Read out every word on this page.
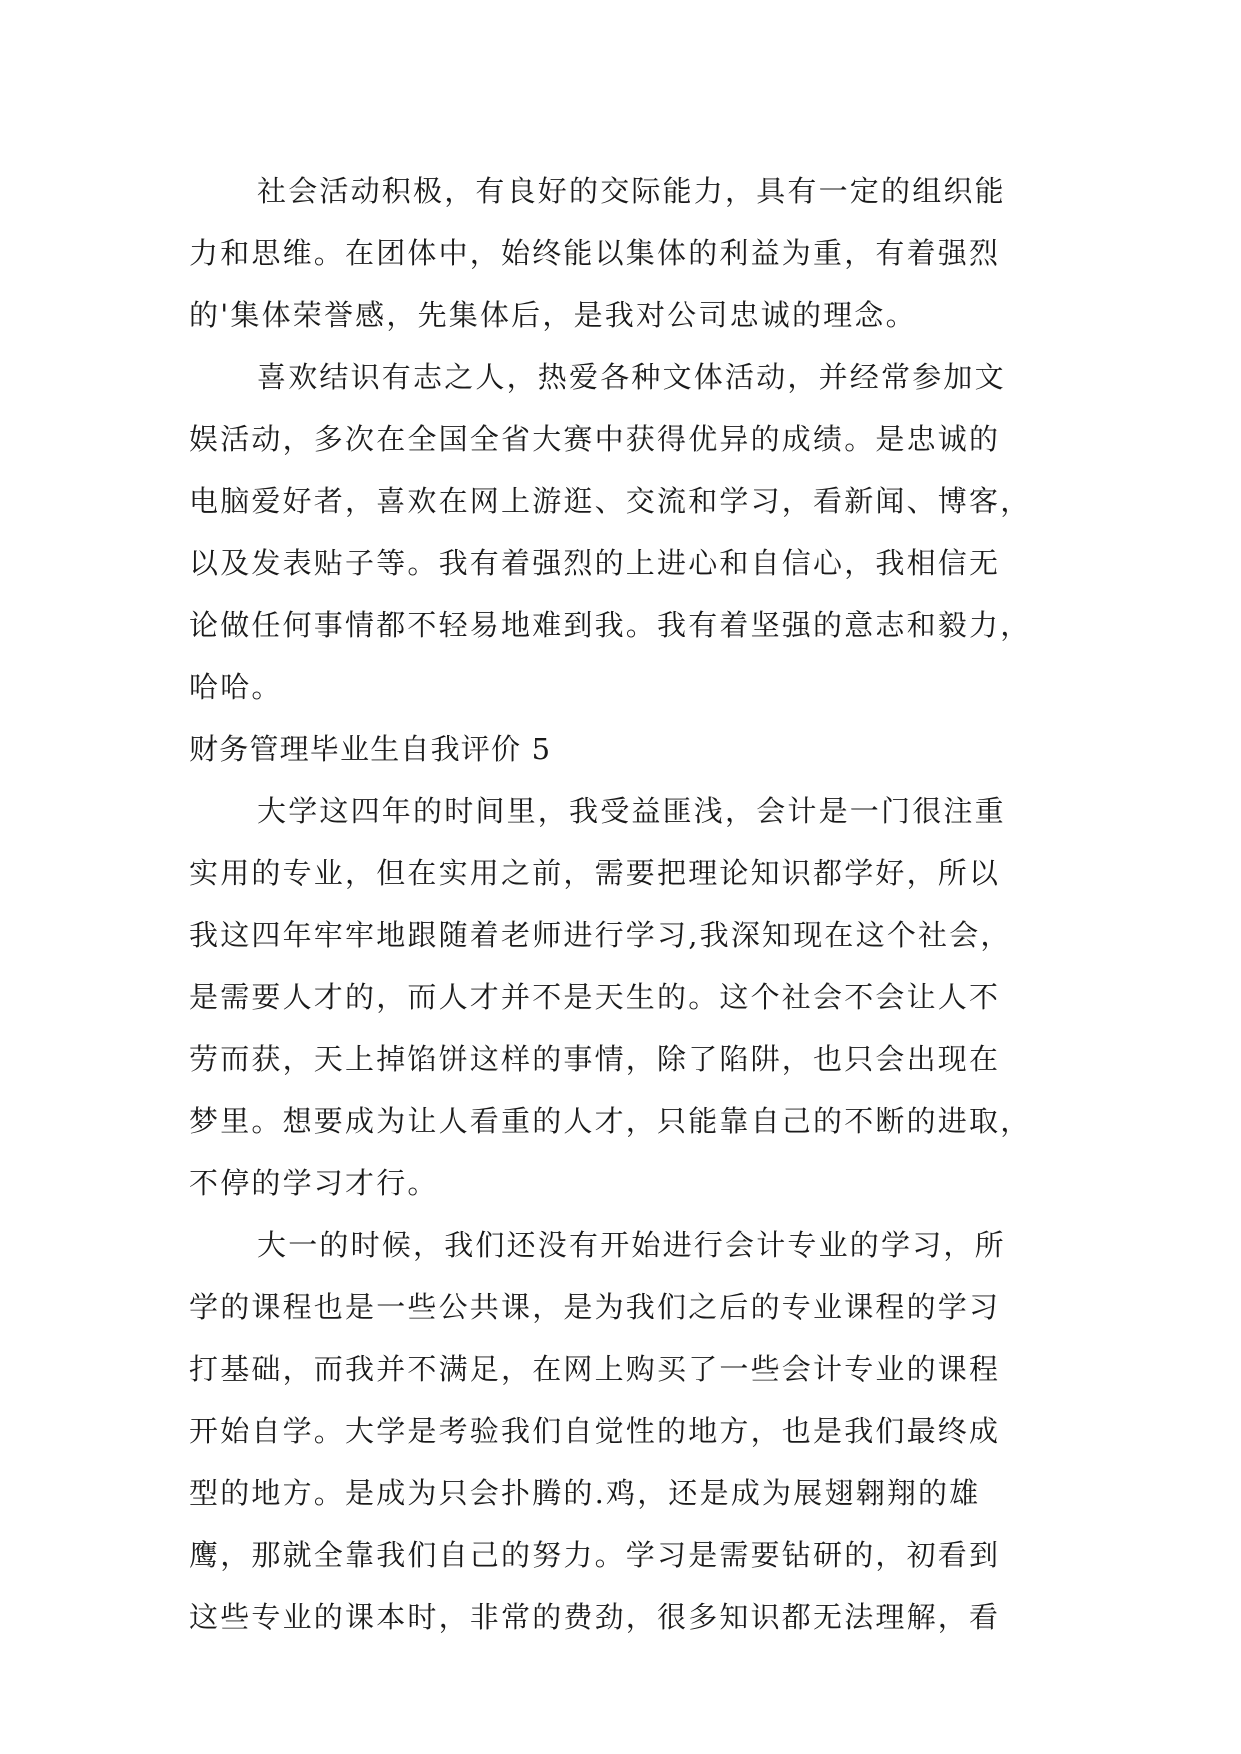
社会活动积极，有良好的交际能力，具有一定的组织能
力和思维。在团体中，始终能以集体的利益为重，有着强烈
的'集体荣誉感，先集体后，是我对公司忠诚的理念。
喜欢结识有志之人，热爱各种文体活动，并经常参加文
娱活动，多次在全国全省大赛中获得优异的成绩。是忠诚的
电脑爱好者，喜欢在网上游逛、交流和学习，看新闻、博客，
以及发表贴子等。我有着强烈的上进心和自信心，我相信无
论做任何事情都不轻易地难到我。我有着坚强的意志和毅力，
哈哈。
财务管理毕业生自我评价 5
大学这四年的时间里，我受益匪浅，会计是一门很注重
实用的专业，但在实用之前，需要把理论知识都学好，所以
我这四年牢牢地跟随着老师进行学习,我深知现在这个社会，
是需要人才的，而人才并不是天生的。这个社会不会让人不
劳而获，天上掉馅饼这样的事情，除了陷阱，也只会出现在
梦里。想要成为让人看重的人才，只能靠自己的不断的进取，
不停的学习才行。
大一的时候，我们还没有开始进行会计专业的学习，所
学的课程也是一些公共课，是为我们之后的专业课程的学习
打基础，而我并不满足，在网上购买了一些会计专业的课程
开始自学。大学是考验我们自觉性的地方，也是我们最终成
型的地方。是成为只会扑腾的.鸡，还是成为展翅翱翔的雄
鹰，那就全靠我们自己的努力。学习是需要钻研的，初看到
这些专业的课本时，非常的费劲，很多知识都无法理解，看
